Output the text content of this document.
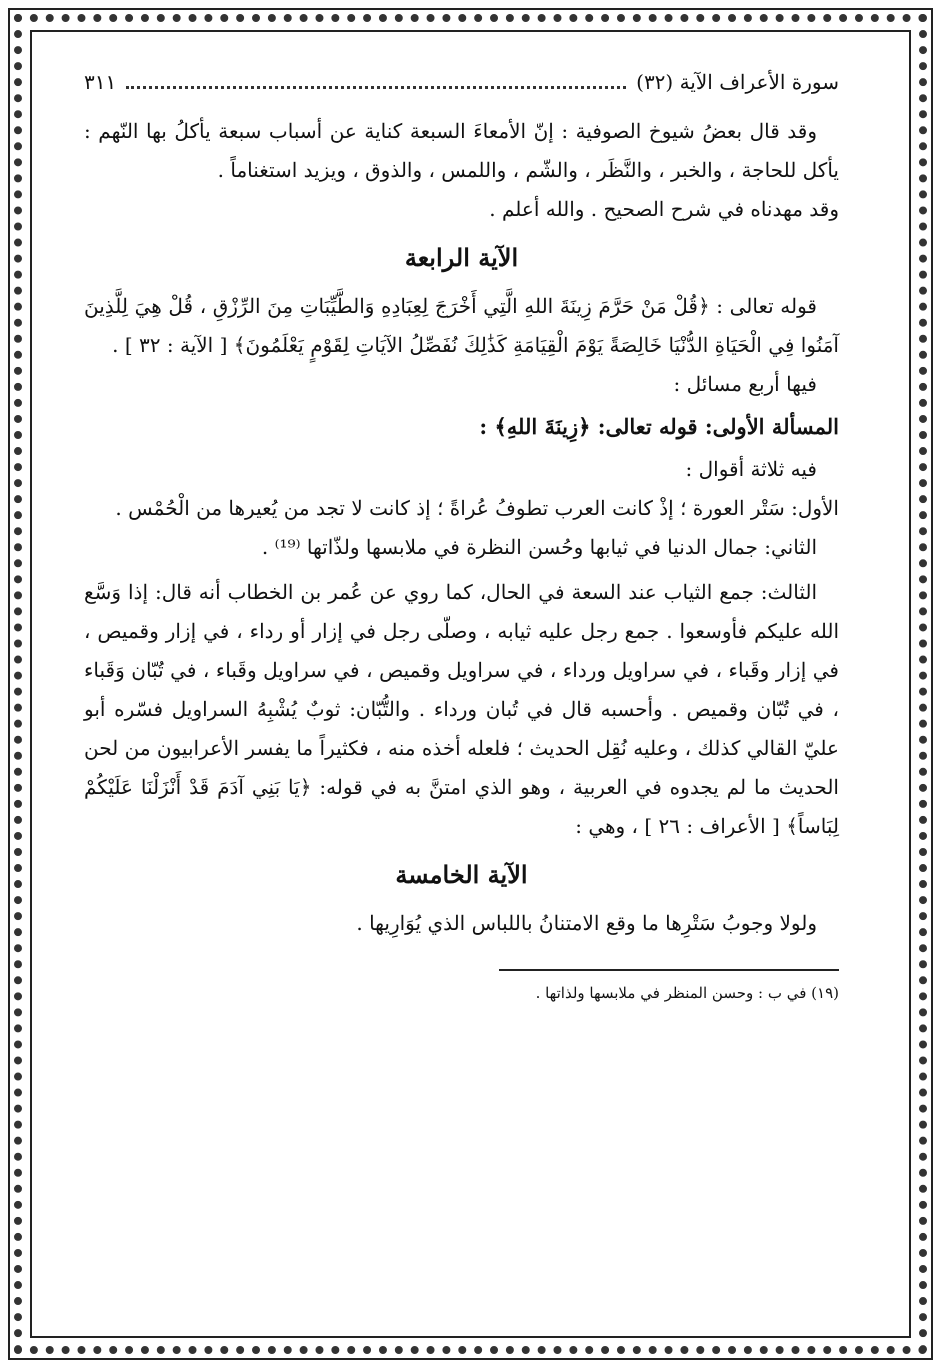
سورة الأعراف الآية (٣٢)
٣١١

وقد قال بعضُ شيوخ الصوفية : إنّ الأمعاءَ السبعة كناية عن أسباب سبعة يأكلُ بها النّهم : يأكل للحاجة ، والخبر ، والنَّظَر ، والشّم ، واللمس ، والذوق ، ويزيد استغناماً .

وقد مهدناه في شرح الصحيح . والله أعلم .

الآية الرابعة

قوله تعالى : ﴿قُلْ مَنْ حَرَّمَ زِينَةَ اللهِ الَّتِي أَخْرَجَ لِعِبَادِهِ وَالطَّيِّبَاتِ مِنَ الرِّزْقِ ، قُلْ هِيَ لِلَّذِينَ آمَنُوا فِي الْحَيَاةِ الدُّنْيَا خَالِصَةً يَوْمَ الْقِيَامَةِ كَذَٰلِكَ نُفَصِّلُ الآيَاتِ لِقَوْمٍ يَعْلَمُونَ﴾ [ الآية : ٣٢ ] .

فيها أربع مسائل :

المسألة الأولى: قوله تعالى: ﴿زِينَةَ اللهِ﴾ :

فيه ثلاثة أقوال :

الأول: سَتْر العورة ؛ إذْ كانت العرب تطوفُ عُراةً ؛ إذ كانت لا تجد من يُعيرها من الْحُمْس .

الثاني: جمال الدنيا في ثيابها وحُسن النظرة في ملابسها ولذّاتها ⁽¹⁹⁾ .

الثالث: جمع الثياب عند السعة في الحال، كما روي عن عُمر بن الخطاب أنه قال: إذا وَسَّع الله عليكم فأوسعوا . جمع رجل عليه ثيابه ، وصلّى رجل في إزار أو رداء ، في إزار وقميص ، في إزار وقَباء ، في سراويل ورداء ، في سراويل وقميص ، في سراويل وقَباء ، في تُبّان وَقَباء ، في تُبّان وقميص . وأحسبه قال في تُبان ورداء . والتُّبّان: ثوبٌ يُشْبِهُ السراويل فسّره أبو عليّ القالي كذلك ، وعليه نُقِل الحديث ؛ فلعله أخذه منه ، فكثيراً ما يفسر الأعرابيون من لحن الحديث ما لم يجدوه في العربية ، وهو الذي امتنَّ به في قوله: ﴿يَا بَنِي آدَمَ قَدْ أَنْزَلْنَا عَلَيْكُمْ لِبَاساً﴾ [ الأعراف : ٢٦ ] ، وهي :

الآية الخامسة

ولولا وجوبُ سَتْرِها ما وقع الامتنانُ باللباس الذي يُوَارِيها .

(١٩) في ب : وحسن المنظر في ملابسها ولذاتها .
